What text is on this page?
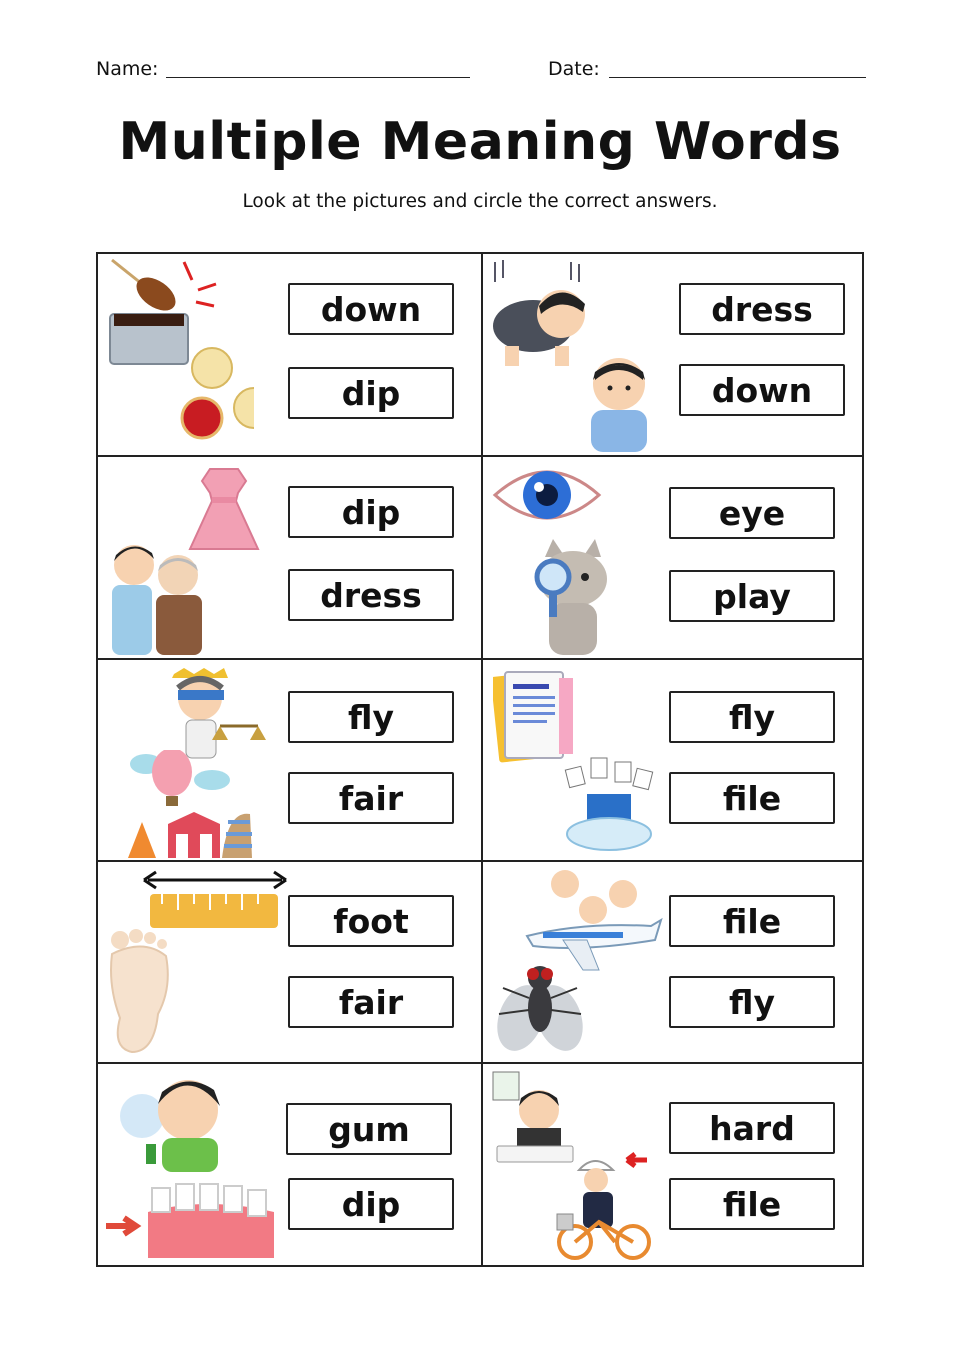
Name:	Date:
Multiple Meaning Words
Look at the pictures and circle the correct answers.
down
dip
dress
down
dip
dress
eye
play
fly
fair
fly
file
foot
fair
file
fly
gum
dip
hard
file
